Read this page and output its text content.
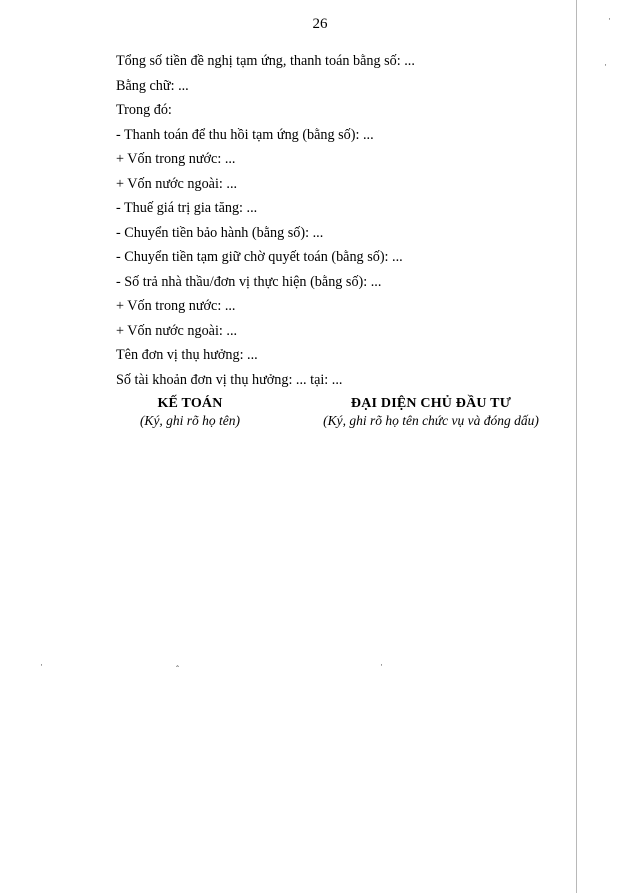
26
Tổng số tiền đề nghị tạm ứng, thanh toán bằng số: ...
Bằng chữ: ...
Trong đó:
- Thanh toán để thu hồi tạm ứng (bằng số): ...
+ Vốn trong nước: ...
+ Vốn nước ngoài: ...
- Thuế giá trị gia tăng: ...
- Chuyển tiền bảo hành (bằng số): ...
- Chuyển tiền tạm giữ chờ quyết toán (bằng số): ...
- Số trả nhà thầu/đơn vị thực hiện (bằng số): ...
+ Vốn trong nước: ...
+ Vốn nước ngoài: ...
Tên đơn vị thụ hưởng: ...
Số tài khoản đơn vị thụ hưởng: ... tại: ...
KẾ TOÁN
(Ký, ghi rõ họ tên)
ĐẠI DIỆN CHỦ ĐẦU TƯ
(Ký, ghi rõ họ tên chức vụ và đóng dấu)
·
·
·	ˆ	·
